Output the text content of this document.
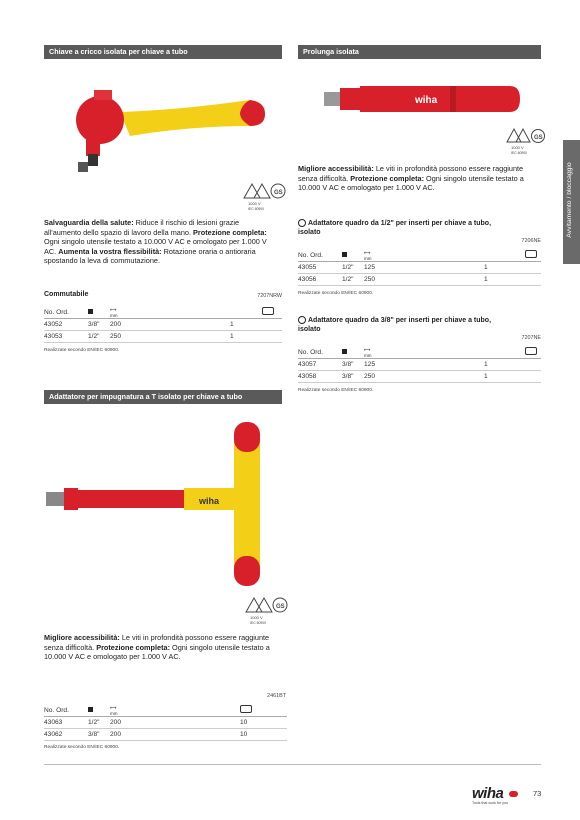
Chiave a cricco isolata per chiave a tubo
GS
1000 V
IEC 60900
Salvaguardia della salute: Riduce il rischio di lesioni grazie all'aumento dello spazio di lavoro della mano. Protezione completa: Ogni singolo utensile testato a 10.000 V AC e omologato per 1.000 V AC. Aumenta la vostra flessibilità: Rotazione oraria o antioraria spostando la leva di commutazione.
Commutabile	7207NRW
No. Ord.		⟷
mm	
43052	3/8"	200	1
43053	1/2"	250	1
Realizzate secondo EN/IEC 60900.
Prolunga isolata
wiha
GS
1000 V
IEC 60900
Migliore accessibilità: Le viti in profondità possono essere raggiunte senza difficoltà. Protezione completa: Ogni singolo utensile testato a 10.000 V AC e omologato per 1.000 V AC.
Adattatore quadro da 1/2" per inserti per chiave a tubo, isolato
7206NE
No. Ord.		⟷
mm	
43055	1/2"	125	1
43056	1/2"	250	1
Realizzate secondo EN/IEC 60900.
Adattatore quadro da 3/8" per inserti per chiave a tubo, isolato
7207NE
No. Ord.		⟷
mm	
43057	3/8"	125	1
43058	3/8"	250	1
Realizzate secondo EN/IEC 60900.
Adattatore per impugnatura a T isolato per chiave a tubo
wiha
GS
1000 V
IEC 60900
Migliore accessibilità: Le viti in profondità possono essere raggiunte senza difficoltà. Protezione completa: Ogni singolo utensile testato a 10.000 V AC e omologato per 1.000 V AC.
2461BT
No. Ord.		⟷
mm	
43063	1/2"	200	10
43062	3/8"	200	10
Realizzate secondo EN/IEC 60900.
Avvitamento / bloccaggio
wiha
Tools that work for you
73
